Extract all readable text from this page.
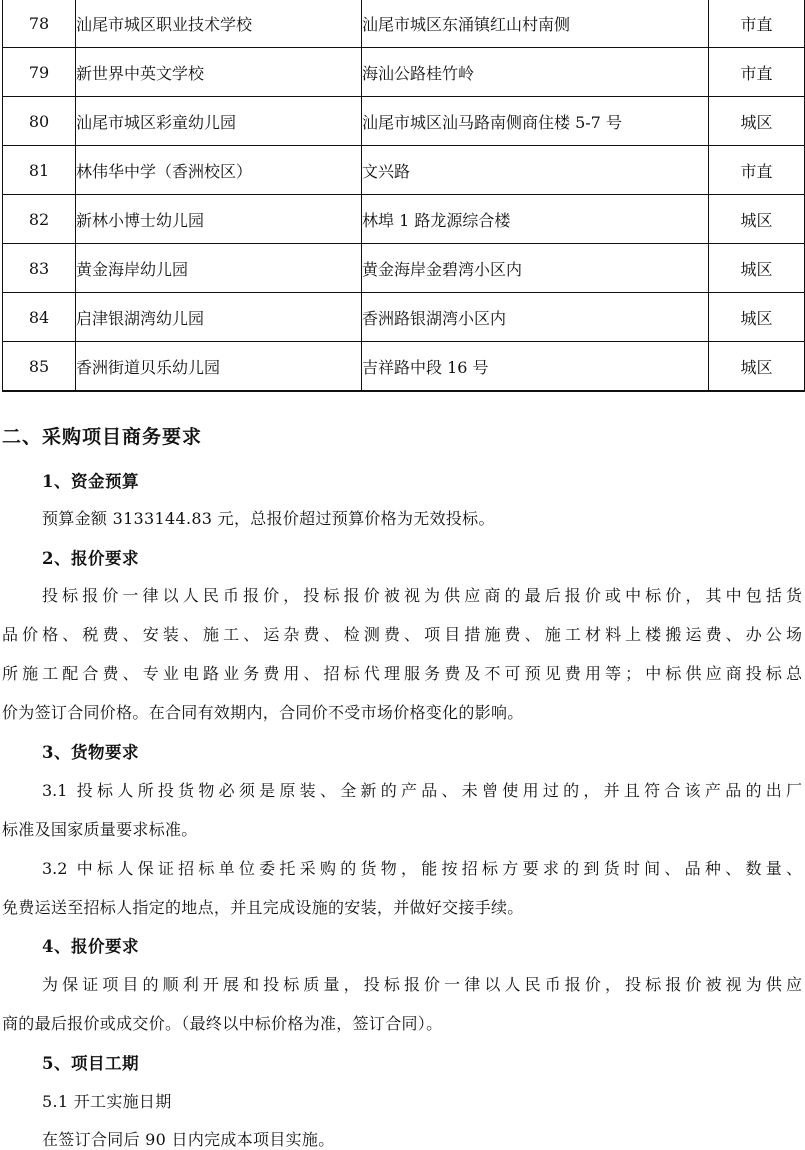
78	汕尾市城区职业技术学校	汕尾市城区东涌镇红山村南侧	市直
79	新世界中英文学校	海汕公路桂竹岭	市直
80	汕尾市城区彩童幼儿园	汕尾市城区汕马路南侧商住楼 5-7 号	城区
81	林伟华中学（香洲校区）	文兴路	市直
82	新林小博士幼儿园	林埠 1 路龙源综合楼	城区
83	黄金海岸幼儿园	黄金海岸金碧湾小区内	城区
84	启津银湖湾幼儿园	香洲路银湖湾小区内	城区
85	香洲街道贝乐幼儿园	吉祥路中段 16 号	城区
二、采购项目商务要求
1、资金预算
预算金额 3133144.83 元，总报价超过预算价格为无效投标。
2、报价要求
投标报价一律以人民币报价，投标报价被视为供应商的最后报价或中标价，其中包括货
品价格、税费、安装、施工、运杂费、检测费、项目措施费、施工材料上楼搬运费、办公场
所施工配合费、专业电路业务费用、招标代理服务费及不可预见费用等；中标供应商投标总
价为签订合同价格。在合同有效期内，合同价不受市场价格变化的影响。
3、货物要求
3.1 投标人所投货物必须是原装、全新的产品、未曾使用过的，并且符合该产品的出厂
标准及国家质量要求标准。
3.2 中标人保证招标单位委托采购的货物，能按招标方要求的到货时间、品种、数量、
免费运送至招标人指定的地点，并且完成设施的安装，并做好交接手续。
4、报价要求
为保证项目的顺利开展和投标质量，投标报价一律以人民币报价，投标报价被视为供应
商的最后报价或成交价。（最终以中标价格为准，签订合同）。
5、项目工期
5.1 开工实施日期
在签订合同后 90 日内完成本项目实施。
